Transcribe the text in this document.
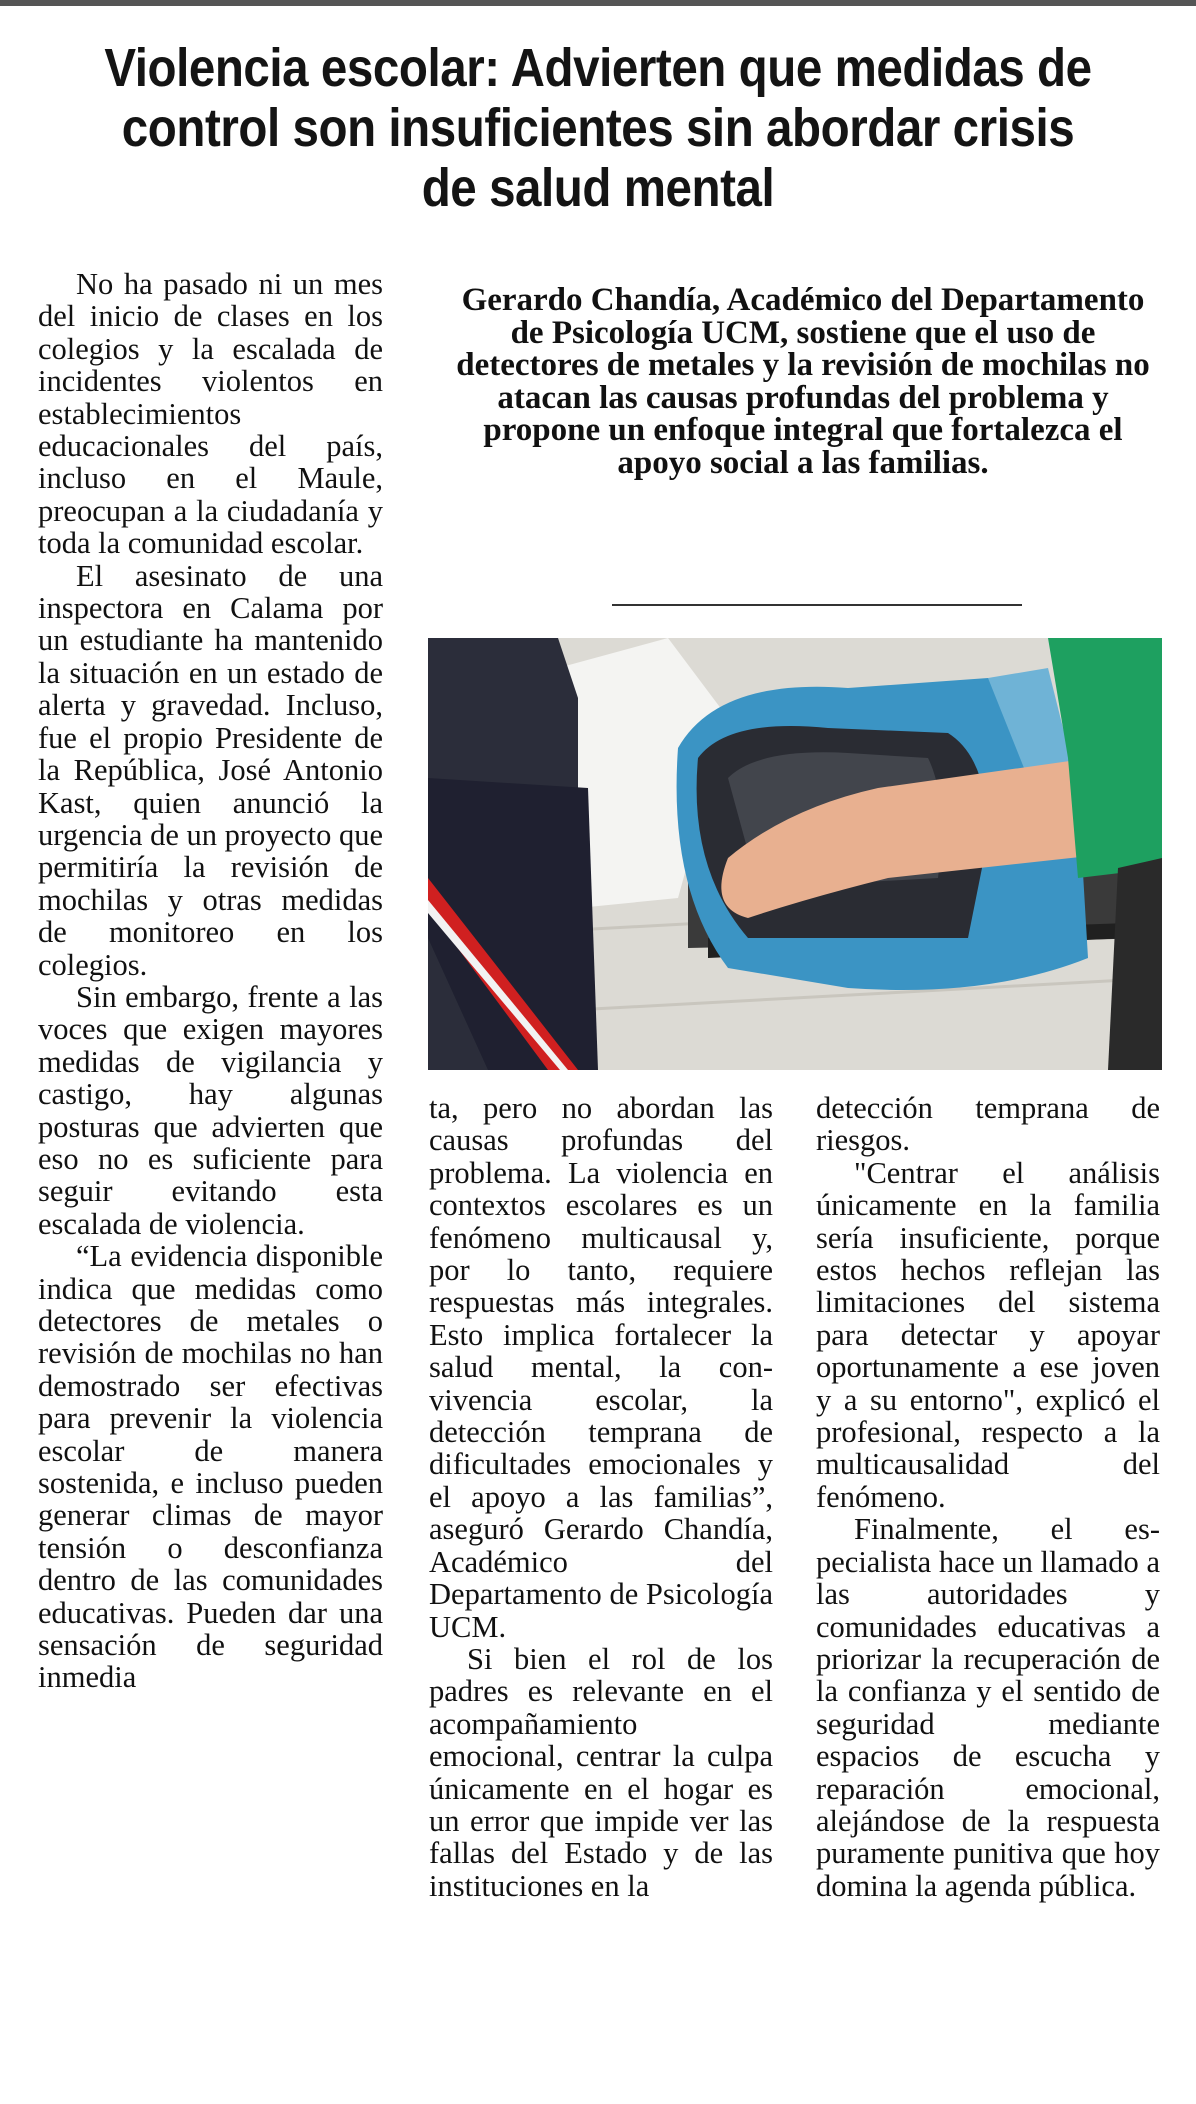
Violencia escolar: Advierten que medidas de control son insuficientes sin abordar crisis de salud mental

No ha pasado ni un mes del inicio de clases en los colegios y la escalada de incidentes violentos en establecimientos educacionales del país, incluso en el Maule, preocupan a la ciudadanía y toda la comunidad escolar.

El asesinato de una inspectora en Calama por un estudiante ha mantenido la situación en un estado de alerta y gravedad. Incluso, fue el propio Presidente de la República, José Antonio Kast, quien anunció la urgencia de un proyecto que permitiría la revisión de mochilas y otras medidas de monitoreo en los colegios.

Sin embargo, frente a las voces que exigen mayores medidas de vigilancia y castigo, hay algunas posturas que advierten que eso no es suficiente para seguir evitando esta escalada de violencia.

“La evidencia disponible indica que medidas como detectores de metales o revisión de mochilas no han demostrado ser efectivas para prevenir la violencia escolar de manera sostenida, e incluso pueden generar climas de mayor tensión o desconfianza dentro de las comunidades educativas. Pueden dar una sensación de seguridad inmedia

Gerardo Chandía, Académico del Departamento de Psicología UCM, sostiene que el uso de detectores de metales y la revisión de mochilas no atacan las causas profundas del problema y propone un enfoque integral que fortalezca el apoyo social a las familias.

ta, pero no abordan las causas profundas del problema. La violencia en contextos escolares es un fenómeno multicausal y, por lo tanto, requiere respuestas más integrales. Esto implica fortalecer la salud mental, la convivencia escolar, la detección temprana de dificultades emocionales y el apoyo a las familias”, aseguró Gerardo Chandía, Académico del Departamento de Psicología UCM.

Si bien el rol de los padres es relevante en el acompañamiento emocional, centrar la culpa únicamente en el hogar es un error que impide ver las fallas del Estado y de las instituciones en la

detección temprana de riesgos.

"Centrar el análisis únicamente en la familia sería insuficiente, porque estos hechos reflejan las limitaciones del sistema para detectar y apoyar oportunamente a ese joven y a su entorno", explicó el profesional, respecto a la multicausalidad del fenómeno.

Finalmente, el especialista hace un llamado a las autoridades y comunidades educativas a priorizar la recuperación de la confianza y el sentido de seguridad mediante espacios de escucha y reparación emocional, alejándose de la respuesta puramente punitiva que hoy domina la agenda pública.
